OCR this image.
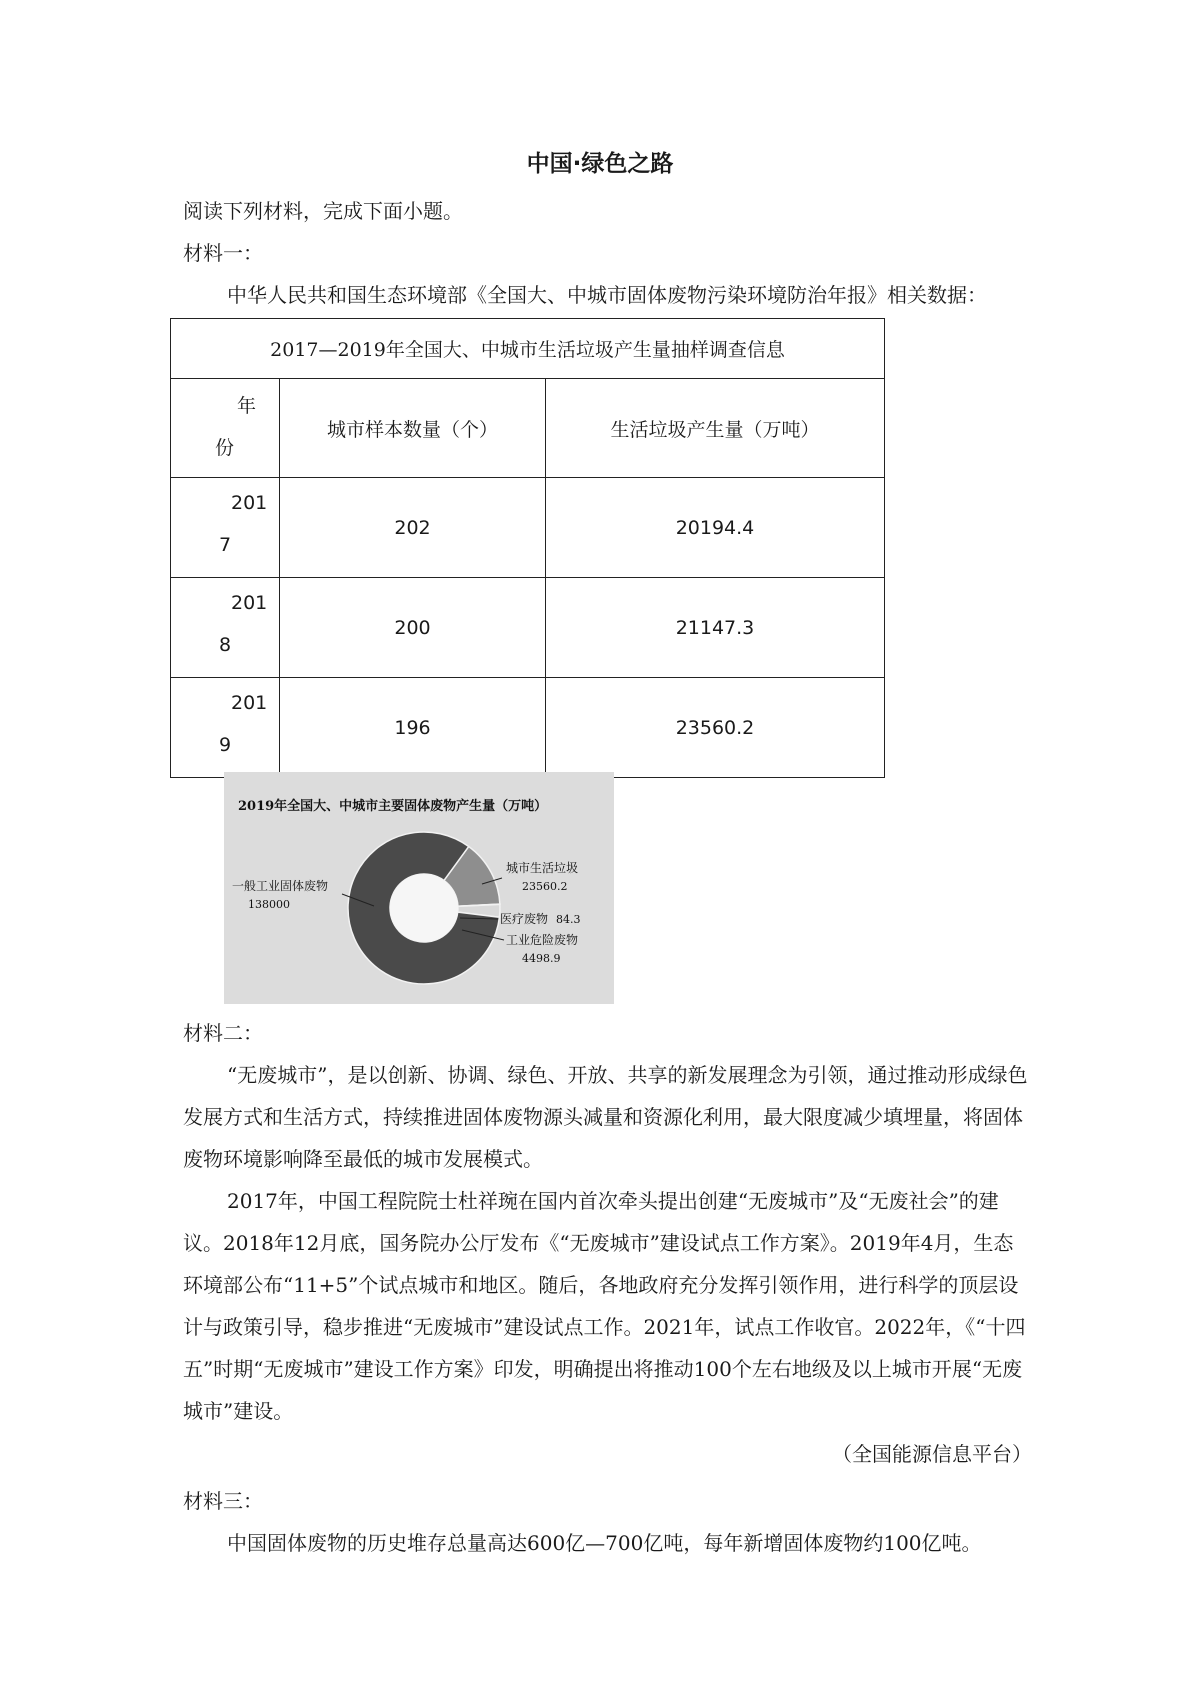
中国·绿色之路
阅读下列材料，完成下面小题。
材料一：
中华人民共和国生态环境部《全国大、中城市固体废物污染环境防治年报》相关数据：
2017—2019年全国大、中城市生活垃圾产生量抽样调查信息		

年
份	城市样本数量（个）	生活垃圾产生量（万吨）

201
7	202	20194.4

201
8	200	21147.3

201
9	196	23560.2
2019年全国大、中城市主要固体废物产生量（万吨）
一般工业固体废物
138000
城市生活垃圾
23560.2
医疗废物 84.3
工业危险废物
4498.9
材料二：
“无废城市”，是以创新、协调、绿色、开放、共享的新发展理念为引领，通过推动形成绿色发展方式和生活方式，持续推进固体废物源头减量和资源化利用，最大限度减少填埋量，将固体废物环境影响降至最低的城市发展模式。
2017年，中国工程院院士杜祥琬在国内首次牵头提出创建“无废城市”及“无废社会”的建议。2018年12月底，国务院办公厅发布《“无废城市”建设试点工作方案》。2019年4月，生态环境部公布“11+5”个试点城市和地区。随后，各地政府充分发挥引领作用，进行科学的顶层设计与政策引导，稳步推进“无废城市”建设试点工作。2021年，试点工作收官。2022年，《“十四五”时期“无废城市”建设工作方案》印发，明确提出将推动100个左右地级及以上城市开展“无废城市”建设。
（全国能源信息平台）
材料三：
中国固体废物的历史堆存总量高达600亿—700亿吨，每年新增固体废物约100亿吨。
